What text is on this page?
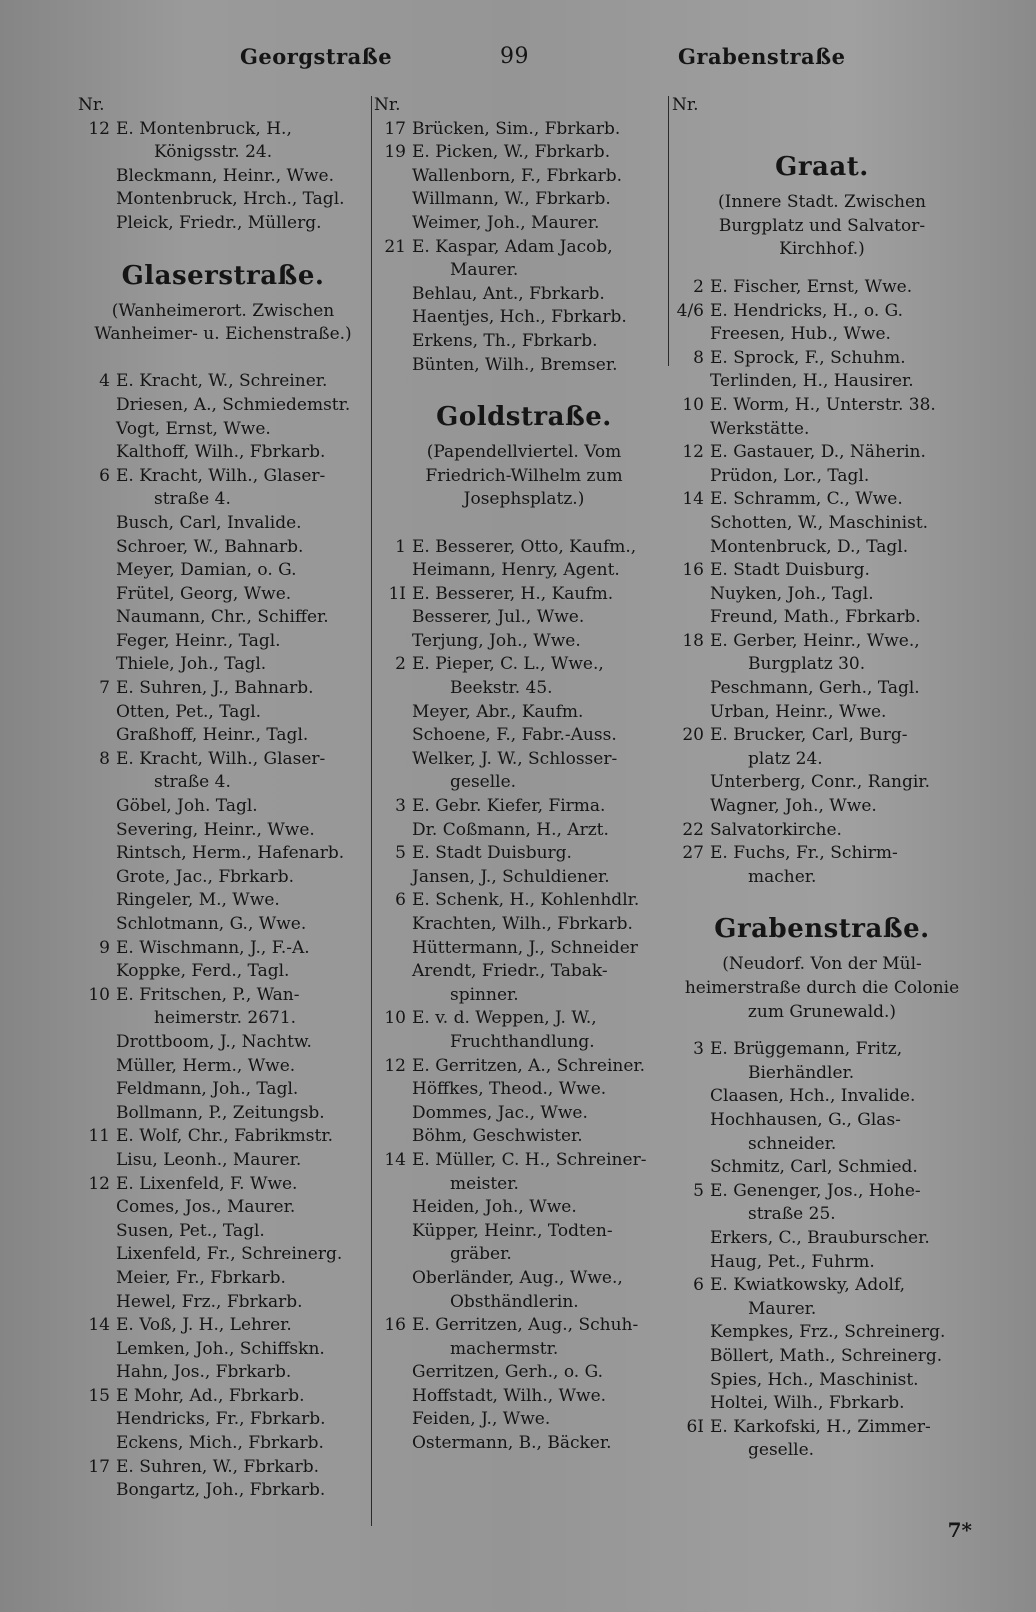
Georgstraße	99	Grabenstraße
Nr.
12 E. Montenbruck, H.,
Königsstr. 24.
Bleckmann, Heinr., Wwe.
Montenbruck, Hrch., Tagl.
Pleick, Friedr., Müllerg.
Glaserstraße.
(Wanheimerort. Zwischen
Wanheimer- u. Eichenstraße.)
4 E. Kracht, W., Schreiner.
Driesen, A., Schmiedemstr.
Vogt, Ernst, Wwe.
Kalthoff, Wilh., Fbrkarb.
6 E. Kracht, Wilh., Glaser-
straße 4.
Busch, Carl, Invalide.
Schroer, W., Bahnarb.
Meyer, Damian, o. G.
Frütel, Georg, Wwe.
Naumann, Chr., Schiffer.
Feger, Heinr., Tagl.
Thiele, Joh., Tagl.
7 E. Suhren, J., Bahnarb.
Otten, Pet., Tagl.
Graßhoff, Heinr., Tagl.
8 E. Kracht, Wilh., Glaser-
straße 4.
Göbel, Joh. Tagl.
Severing, Heinr., Wwe.
Rintsch, Herm., Hafenarb.
Grote, Jac., Fbrkarb.
Ringeler, M., Wwe.
Schlotmann, G., Wwe.
9 E. Wischmann, J., F.-A.
Koppke, Ferd., Tagl.
10 E. Fritschen, P., Wan-
heimerstr. 2671.
Drottboom, J., Nachtw.
Müller, Herm., Wwe.
Feldmann, Joh., Tagl.
Bollmann, P., Zeitungsb.
11 E. Wolf, Chr., Fabrikmstr.
Lisu, Leonh., Maurer.
12 E. Lixenfeld, F. Wwe.
Comes, Jos., Maurer.
Susen, Pet., Tagl.
Lixenfeld, Fr., Schreinerg.
Meier, Fr., Fbrkarb.
Hewel, Frz., Fbrkarb.
14 E. Voß, J. H., Lehrer.
Lemken, Joh., Schiffskn.
Hahn, Jos., Fbrkarb.
15 E Mohr, Ad., Fbrkarb.
Hendricks, Fr., Fbrkarb.
Eckens, Mich., Fbrkarb.
17 E. Suhren, W., Fbrkarb.
Bongartz, Joh., Fbrkarb.
Nr.
17 Brücken, Sim., Fbrkarb.
19 E. Picken, W., Fbrkarb.
Wallenborn, F., Fbrkarb.
Willmann, W., Fbrkarb.
Weimer, Joh., Maurer.
21 E. Kaspar, Adam Jacob,
Maurer.
Behlau, Ant., Fbrkarb.
Haentjes, Hch., Fbrkarb.
Erkens, Th., Fbrkarb.
Bünten, Wilh., Bremser.
Goldstraße.
(Papendellviertel. Vom
Friedrich-Wilhelm zum
Josephsplatz.)
1 E. Besserer, Otto, Kaufm.,
Heimann, Henry, Agent.
1I E. Besserer, H., Kaufm.
Besserer, Jul., Wwe.
Terjung, Joh., Wwe.
2 E. Pieper, C. L., Wwe.,
Beekstr. 45.
Meyer, Abr., Kaufm.
Schoene, F., Fabr.-Auss.
Welker, J. W., Schlosser-
geselle.
3 E. Gebr. Kiefer, Firma.
Dr. Coßmann, H., Arzt.
5 E. Stadt Duisburg.
Jansen, J., Schuldiener.
6 E. Schenk, H., Kohlenhdlr.
Krachten, Wilh., Fbrkarb.
Hüttermann, J., Schneider
Arendt, Friedr., Tabak-
spinner.
10 E. v. d. Weppen, J. W.,
Fruchthandlung.
12 E. Gerritzen, A., Schreiner.
Höffkes, Theod., Wwe.
Dommes, Jac., Wwe.
Böhm, Geschwister.
14 E. Müller, C. H., Schreiner-
meister.
Heiden, Joh., Wwe.
Küpper, Heinr., Todten-
gräber.
Oberländer, Aug., Wwe.,
Obsthändlerin.
16 E. Gerritzen, Aug., Schuh-
machermstr.
Gerritzen, Gerh., o. G.
Hoffstadt, Wilh., Wwe.
Feiden, J., Wwe.
Ostermann, B., Bäcker.
Nr.
Graat.
(Innere Stadt. Zwischen
Burgplatz und Salvator-
Kirchhof.)
2 E. Fischer, Ernst, Wwe.
4/6 E. Hendricks, H., o. G.
Freesen, Hub., Wwe.
8 E. Sprock, F., Schuhm.
Terlinden, H., Hausirer.
10 E. Worm, H., Unterstr. 38.
Werkstätte.
12 E. Gastauer, D., Näherin.
Prüdon, Lor., Tagl.
14 E. Schramm, C., Wwe.
Schotten, W., Maschinist.
Montenbruck, D., Tagl.
16 E. Stadt Duisburg.
Nuyken, Joh., Tagl.
Freund, Math., Fbrkarb.
18 E. Gerber, Heinr., Wwe.,
Burgplatz 30.
Peschmann, Gerh., Tagl.
Urban, Heinr., Wwe.
20 E. Brucker, Carl, Burg-
platz 24.
Unterberg, Conr., Rangir.
Wagner, Joh., Wwe.
22 Salvatorkirche.
27 E. Fuchs, Fr., Schirm-
macher.
Grabenstraße.
(Neudorf. Von der Mül-
heimerstraße durch die Colonie
zum Grunewald.)
3 E. Brüggemann, Fritz,
Bierhändler.
Claasen, Hch., Invalide.
Hochhausen, G., Glas-
schneider.
Schmitz, Carl, Schmied.
5 E. Genenger, Jos., Hohe-
straße 25.
Erkers, C., Brauburscher.
Haug, Pet., Fuhrm.
6 E. Kwiatkowsky, Adolf,
Maurer.
Kempkes, Frz., Schreinerg.
Böllert, Math., Schreinerg.
Spies, Hch., Maschinist.
Holtei, Wilh., Fbrkarb.
6I E. Karkofski, H., Zimmer-
geselle.
7*
